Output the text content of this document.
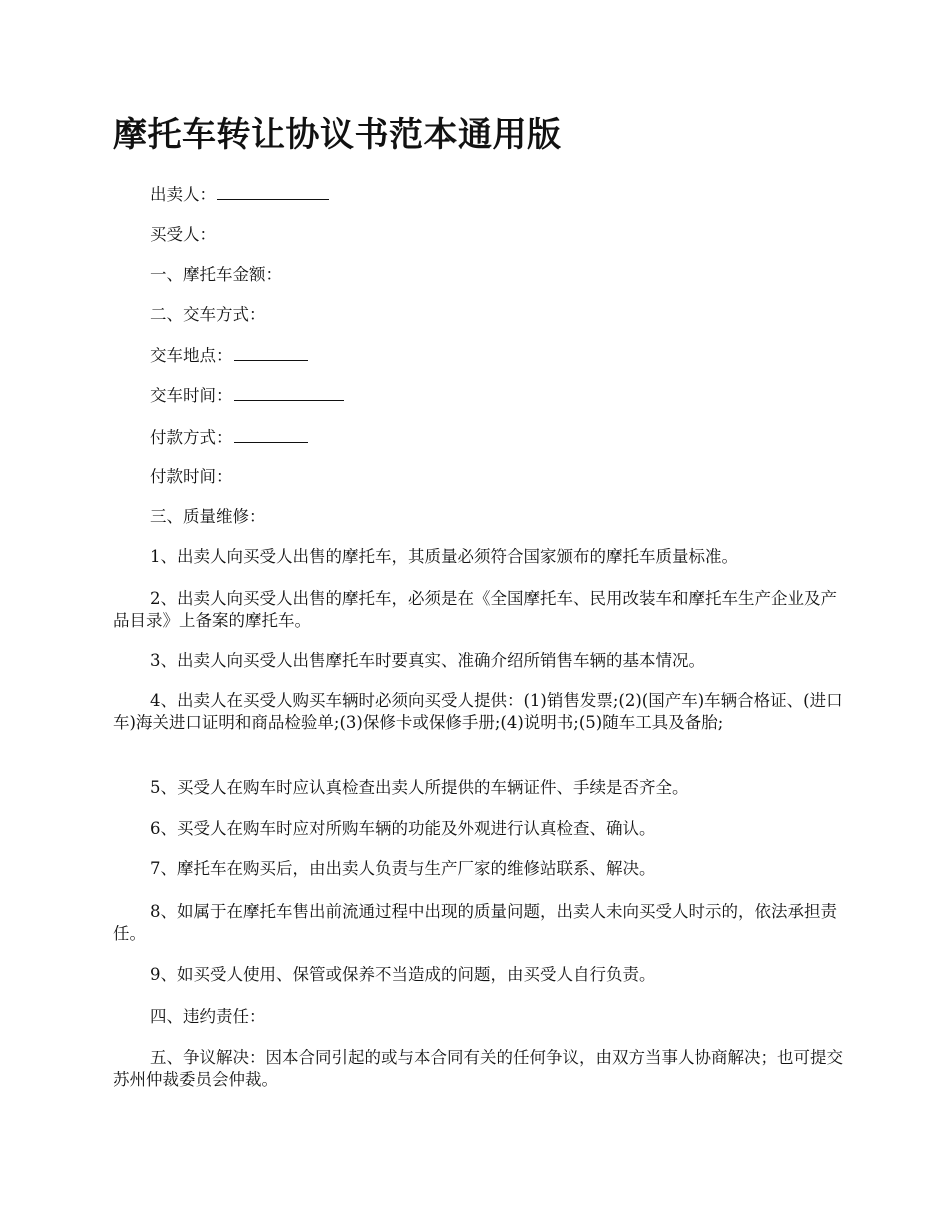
摩托车转让协议书范本通用版

出卖人：

买受人：

一、摩托车金额：

二、交车方式：

交车地点：

交车时间：

付款方式：

付款时间：

三、质量维修：

1、出卖人向买受人出售的摩托车，其质量必须符合国家颁布的摩托车质量标准。

2、出卖人向买受人出售的摩托车，必须是在《全国摩托车、民用改装车和摩托车生产企业及产品目录》上备案的摩托车。

3、出卖人向买受人出售摩托车时要真实、准确介绍所销售车辆的基本情况。

4、出卖人在买受人购买车辆时必须向买受人提供：(1)销售发票;(2)(国产车)车辆合格证、(进口车)海关进口证明和商品检验单;(3)保修卡或保修手册;(4)说明书;(5)随车工具及备胎;

5、买受人在购车时应认真检查出卖人所提供的车辆证件、手续是否齐全。

6、买受人在购车时应对所购车辆的功能及外观进行认真检查、确认。

7、摩托车在购买后，由出卖人负责与生产厂家的维修站联系、解决。

8、如属于在摩托车售出前流通过程中出现的质量问题，出卖人未向买受人时示的，依法承担责任。

9、如买受人使用、保管或保养不当造成的问题，由买受人自行负责。

四、违约责任：

五、争议解决：因本合同引起的或与本合同有关的任何争议，由双方当事人协商解决；也可提交苏州仲裁委员会仲裁。
